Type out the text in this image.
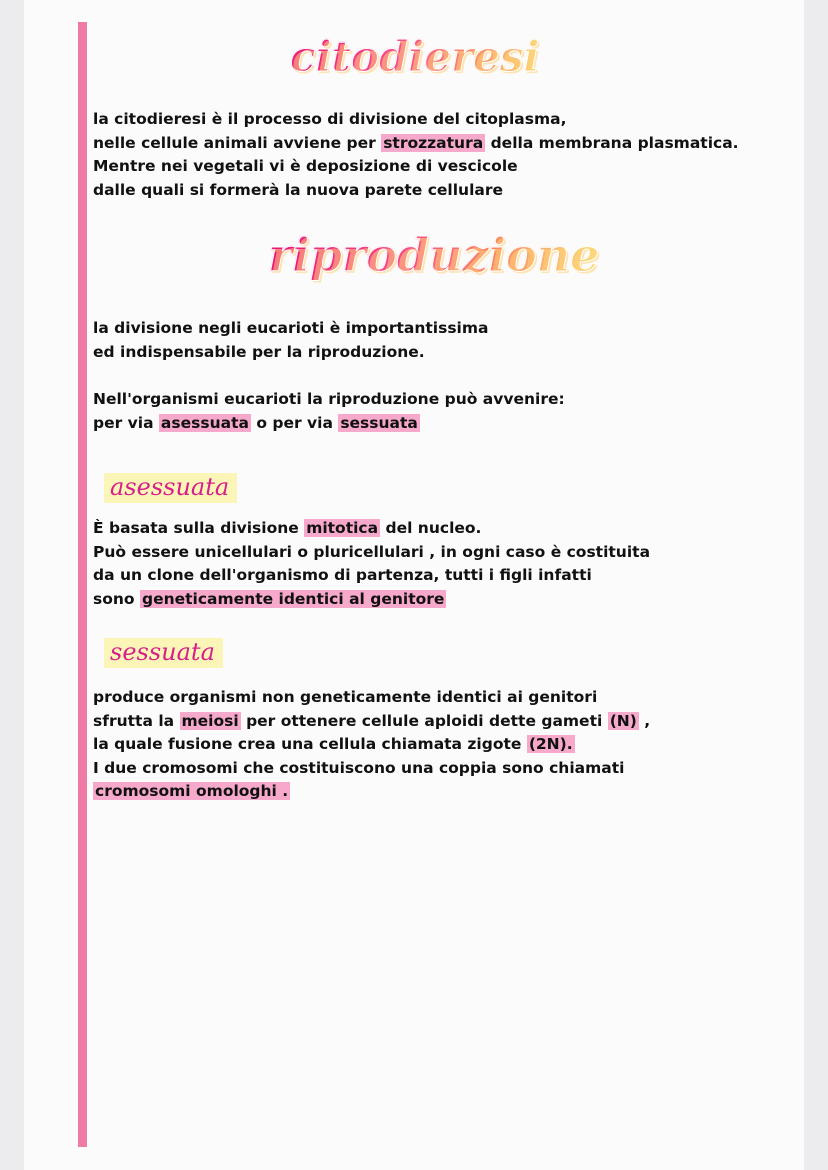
citodieresi
la citodieresi è il processo di divisione del citoplasma,
nelle cellule animali avviene per strozzatura della membrana plasmatica.
Mentre nei vegetali vi è deposizione di vescicole
dalle quali si formerà la nuova parete cellulare
riproduzione
la divisione negli eucarioti è importantissima
ed indispensabile per la riproduzione.
Nell'organismi eucarioti la riproduzione può avvenire:
per via asessuata o per via sessuata
asessuata
È basata sulla divisione mitotica del nucleo.
Può essere unicellulari o pluricellulari , in ogni caso è costituita
da un clone dell'organismo di partenza, tutti i figli infatti
sono geneticamente identici al genitore
sessuata
produce organismi non geneticamente identici ai genitori
sfrutta la meiosi per ottenere cellule aploidi dette gameti (N) ,
la quale fusione crea una cellula chiamata zigote (2N).
I due cromosomi che costituiscono una coppia sono chiamati
cromosomi omologhi .
